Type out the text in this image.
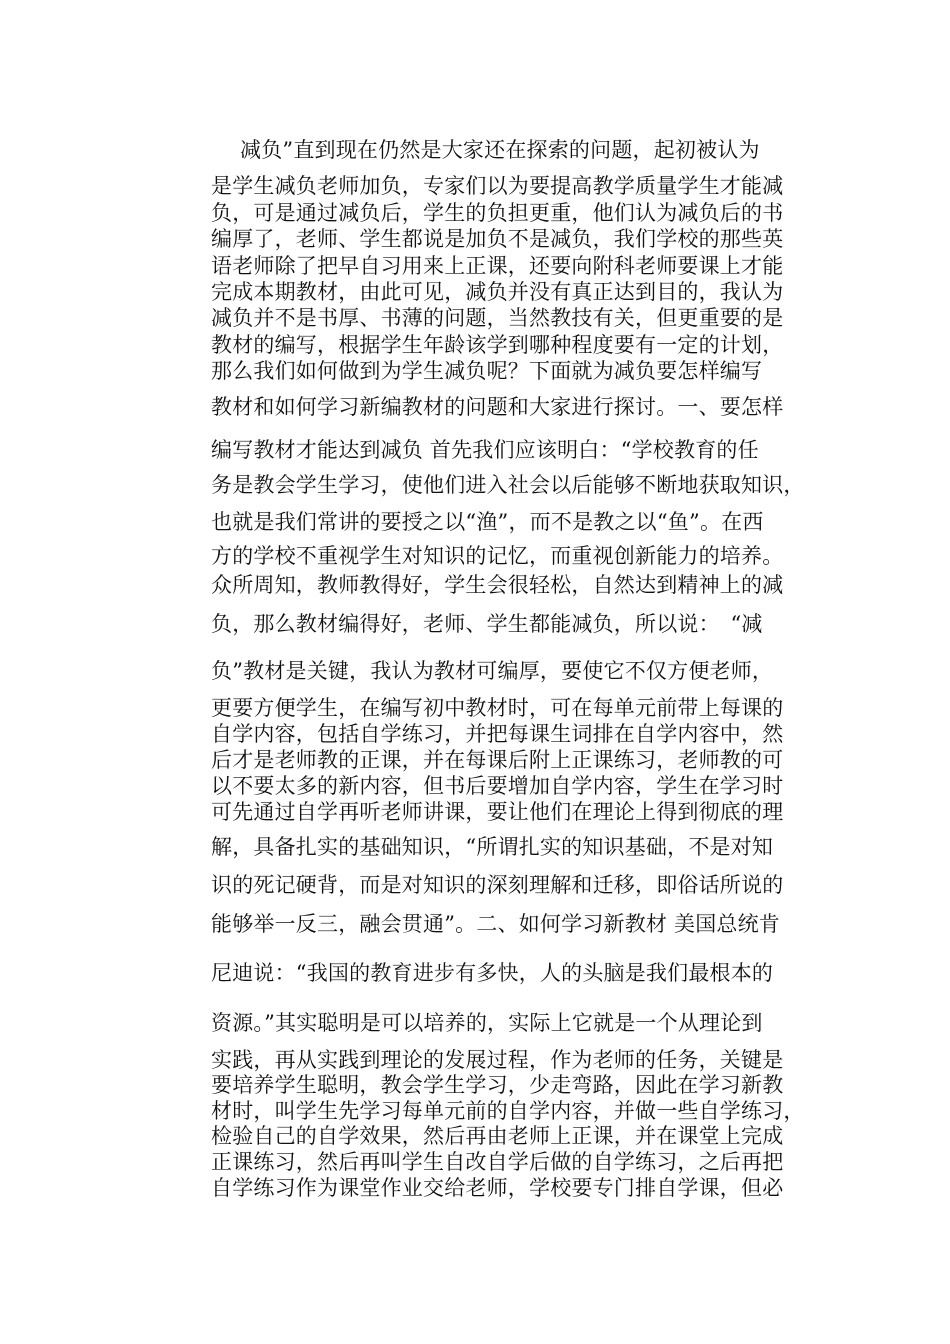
减负”直到现在仍然是大家还在探索的问题，起初被认为

是学生减负老师加负，专家们以为要提高教学质量学生才能减

负，可是通过减负后，学生的负担更重，他们认为减负后的书

编厚了，老师、学生都说是加负不是减负，我们学校的那些英

语老师除了把早自习用来上正课，还要向附科老师要课上才能

完成本期教材，由此可见，减负并没有真正达到目的，我认为

减负并不是书厚、书薄的问题，当然教技有关，但更重要的是

教材的编写，根据学生年龄该学到哪种程度要有一定的计划，

那么我们如何做到为学生减负呢？下面就为减负要怎样编写

教材和如何学习新编教材的问题和大家进行探讨。一、要怎样

编写教材才能达到减负 首先我们应该明白：“学校教育的任

务是教会学生学习，使他们进入社会以后能够不断地获取知识，

也就是我们常讲的要授之以“渔”，而不是教之以“鱼”。在西

方的学校不重视学生对知识的记忆，而重视创新能力的培养。

众所周知，教师教得好，学生会很轻松，自然达到精神上的减

负，那么教材编得好，老师、学生都能减负，所以说：　“减

负”教材是关键，我认为教材可编厚，要使它不仅方便老师，

更要方便学生，在编写初中教材时，可在每单元前带上每课的

自学内容，包括自学练习，并把每课生词排在自学内容中，然

后才是老师教的正课，并在每课后附上正课练习，老师教的可

以不要太多的新内容，但书后要增加自学内容，学生在学习时

可先通过自学再听老师讲课，要让他们在理论上得到彻底的理

解，具备扎实的基础知识，“所谓扎实的知识基础，不是对知

识的死记硬背，而是对知识的深刻理解和迁移，即俗话所说的

能够举一反三，融会贯通”。二、如何学习新教材 美国总统肯

尼迪说：“我国的教育进步有多快，人的头脑是我们最根本的

资源。”其实聪明是可以培养的，实际上它就是一个从理论到

实践，再从实践到理论的发展过程，作为老师的任务，关键是

要培养学生聪明，教会学生学习，少走弯路，因此在学习新教

材时，叫学生先学习每单元前的自学内容，并做一些自学练习，

检验自己的自学效果，然后再由老师上正课，并在课堂上完成

正课练习，然后再叫学生自改自学后做的自学练习，之后再把

自学练习作为课堂作业交给老师，学校要专门排自学课，但必
